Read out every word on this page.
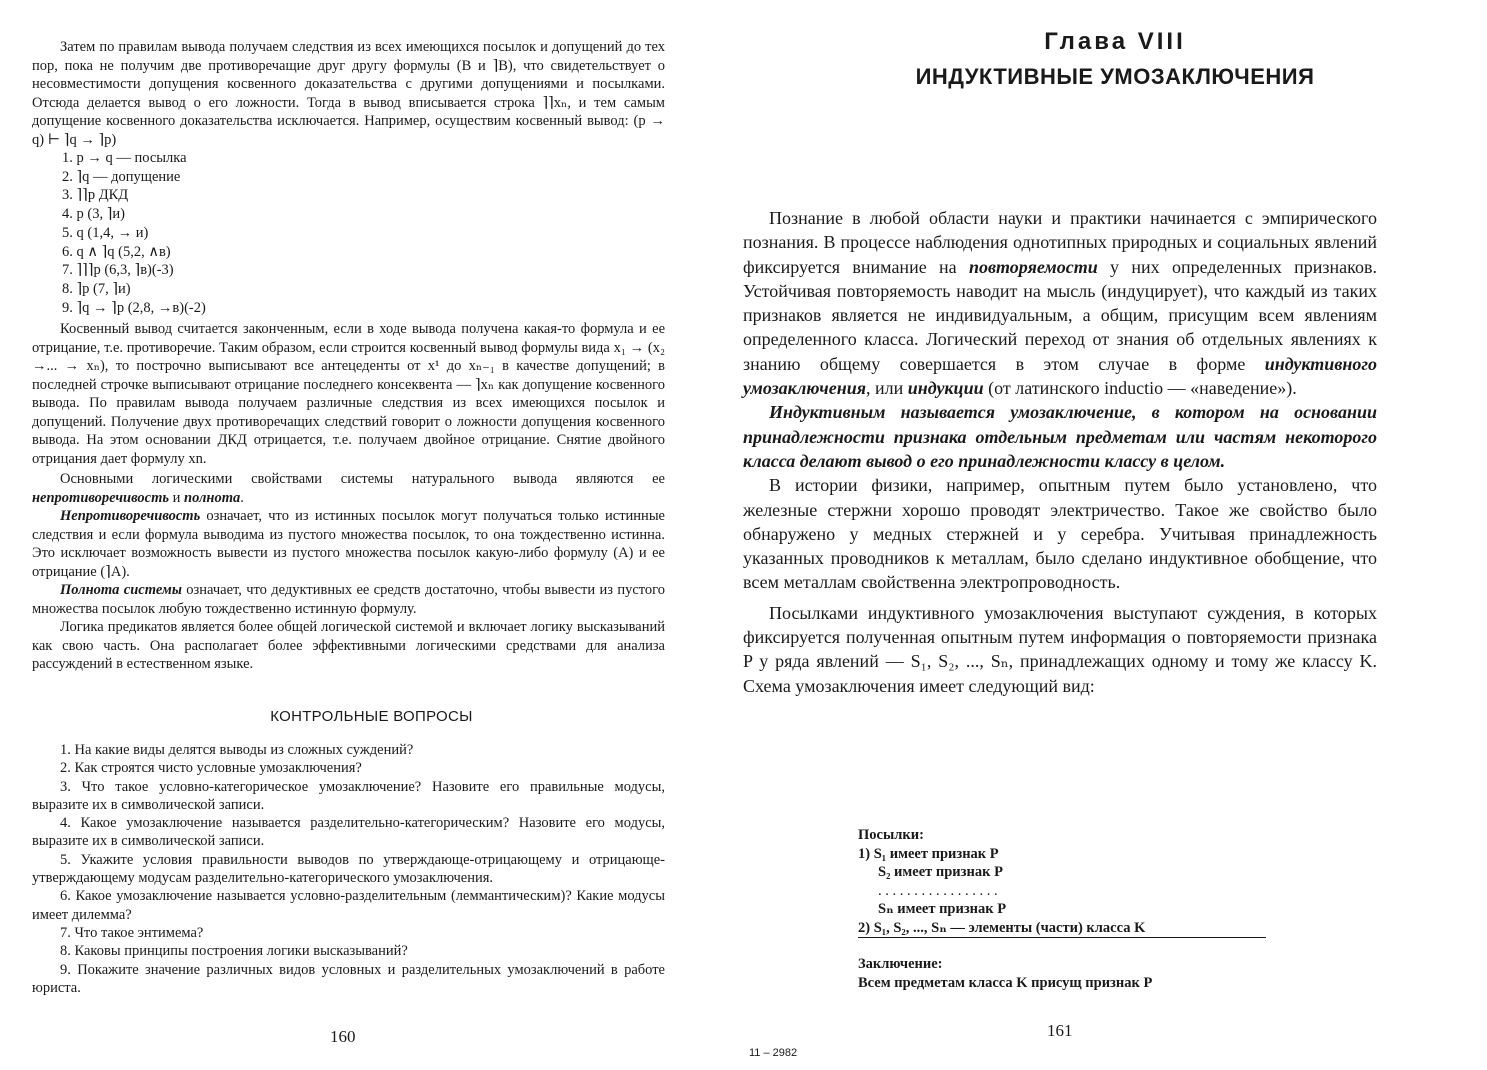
Затем по правилам вывода получаем следствия из всех имеющихся посылок и допущений до тех пор, пока не получим две противоречащие друг другу формулы (B и ⌉B), что свидетельствует о несовместимости допущения косвенного доказательства с другими допущениями и посылками. Отсюда делается вывод о его ложности. Тогда в вывод вписывается строка ⌉⌉xₙ, и тем самым допущение косвенного доказательства исключается. Например, осуществим косвенный вывод: (p → q) ⊢ ⌉q → ⌉p)

1. p → q — посылка
2. ⌉q — допущение
3. ⌉⌉p ДКД
4. p (3, ⌉и)
5. q (1,4, → и)
6. q ∧ ⌉q (5,2, ∧в)
7. ⌉⌉⌉p (6,3, ⌉в)(-3)
8. ⌉p (7, ⌉и)
9. ⌉q → ⌉p (2,8, →в)(-2)

Косвенный вывод считается законченным, если в ходе вывода получена какая-то формула и ее отрицание, т.е. противоречие. Таким образом, если строится косвенный вывод формулы вида x₁ → (x₂ →... → xₙ), то построчно выписывают все антецеденты от x¹ до xₙ₋₁ в качестве допущений; в последней строчке выписывают отрицание последнего консеквента — ⌉xₙ как допущение косвенного вывода. По правилам вывода получаем различные следствия из всех имеющихся посылок и допущений. Получение двух противоречащих следствий говорит о ложности допущения косвенного вывода. На этом основании ДКД отрицается, т.е. получаем двойное отрицание. Снятие двойного отрицания дает формулу xn.

Основными логическими свойствами системы натурального вывода являются ее непротиворечивость и полнота.

Непротиворечивость означает, что из истинных посылок могут получаться только истинные следствия и если формула выводима из пустого множества посылок, то она тождественно истинна. Это исключает возможность вывести из пустого множества посылок какую-либо формулу (A) и ее отрицание (⌉A).

Полнота системы означает, что дедуктивных ее средств достаточно, чтобы вывести из пустого множества посылок любую тождественно истинную формулу.

Логика предикатов является более общей логической системой и включает логику высказываний как свою часть. Она располагает более эффективными логическими средствами для анализа рассуждений в естественном языке.

КОНТРОЛЬНЫЕ ВОПРОСЫ

1. На какие виды делятся выводы из сложных суждений?

2. Как строятся чисто условные умозаключения?

3. Что такое условно-категорическое умозаключение? Назовите его правильные модусы, выразите их в символической записи.

4. Какое умозаключение называется разделительно-категорическим? Назовите его модусы, выразите их в символической записи.

5. Укажите условия правильности выводов по утверждающе-отрицающему и отрицающе-утверждающему модусам разделительно-категорического умозаключения.

6. Какое умозаключение называется условно-разделительным (леммантическим)? Какие модусы имеет дилемма?

7. Что такое энтимема?

8. Каковы принципы построения логики высказываний?

9. Покажите значение различных видов условных и разделительных умозаключений в работе юриста.

160
Глава VIII
ИНДУКТИВНЫЕ УМОЗАКЛЮЧЕНИЯ

Познание в любой области науки и практики начинается с эмпирического познания. В процессе наблюдения однотипных природных и социальных явлений фиксируется внимание на повторяемости у них определенных признаков. Устойчивая повторяемость наводит на мысль (индуцирует), что каждый из таких признаков является не индивидуальным, а общим, присущим всем явлениям определенного класса. Логический переход от знания об отдельных явлениях к знанию общему совершается в этом случае в форме индуктивного умозаключения, или индукции (от латинского inductio — «наведение»).

Индуктивным называется умозаключение, в котором на основании принадлежности признака отдельным предметам или частям некоторого класса делают вывод о его принадлежности классу в целом.

В истории физики, например, опытным путем было установлено, что железные стержни хорошо проводят электричество. Такое же свойство было обнаружено у медных стержней и у серебра. Учитывая принадлежность указанных проводников к металлам, было сделано индуктивное обобщение, что всем металлам свойственна электропроводность.

Посылками индуктивного умозаключения выступают суждения, в которых фиксируется полученная опытным путем информация о повторяемости признака P у ряда явлений — S₁, S₂, ..., Sₙ, принадлежащих одному и тому же классу K. Схема умозаключения имеет следующий вид:

Посылки:
1) S₁ имеет признак P
S₂ имеет признак P
. . . . . . . . . . . . . . . . .
Sₙ имеет признак P
2) S₁, S₂, ..., Sₙ — элементы (части) класса K
Заключение:
Всем предметам класса K присущ признак P
161
11 – 2982
